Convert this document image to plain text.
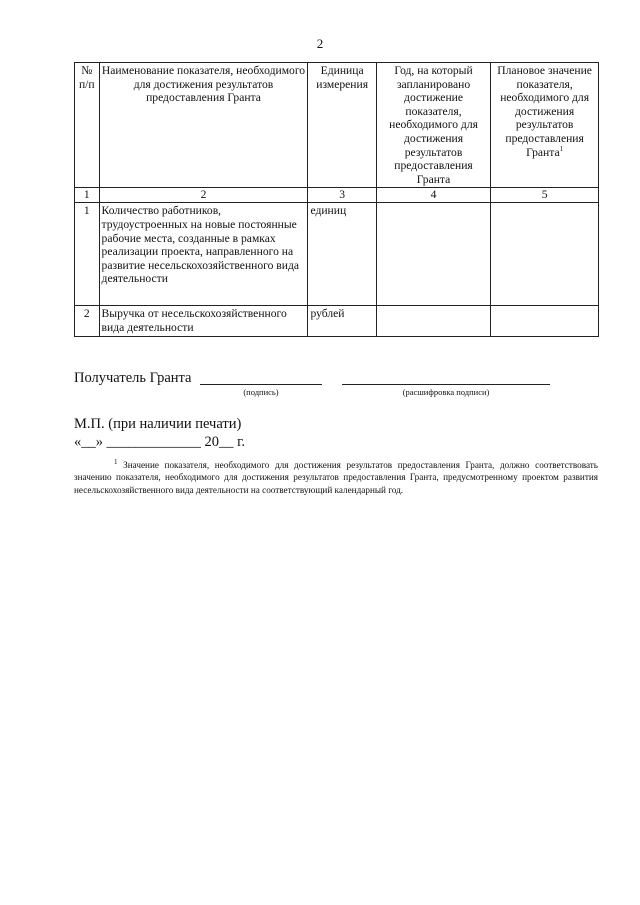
2
№ п/п	Наименование показателя, необходимого для достижения результатов предоставления Гранта	Единица измерения	Год, на который запланировано достижение показателя, необходимого для достижения результатов предоставления Гранта	Плановое значение показателя, необходимого для достижения результатов предоставления Гранта$^1$
1	2	3	4	5
1	Количество работников, трудоустроенных на новые постоянные рабочие места, созданные в рамках реализации проекта, направленного на развитие несельскохозяйственного вида деятельности	единиц		
2	Выручка от несельскохозяйственного вида деятельности	рублей		
Получатель Гранта
(подпись)	(расшифровка подписи)
М.П. (при наличии печати)
«__» _____________ 20__ г.
$^1$ Значение показателя, необходимого для достижения результатов предоставления Гранта, должно соответствовать значению показателя, необходимого для достижения результатов предоставления Гранта, предусмотренному проектом развития несельскохозяйственного вида деятельности на соответствующий календарный год.
